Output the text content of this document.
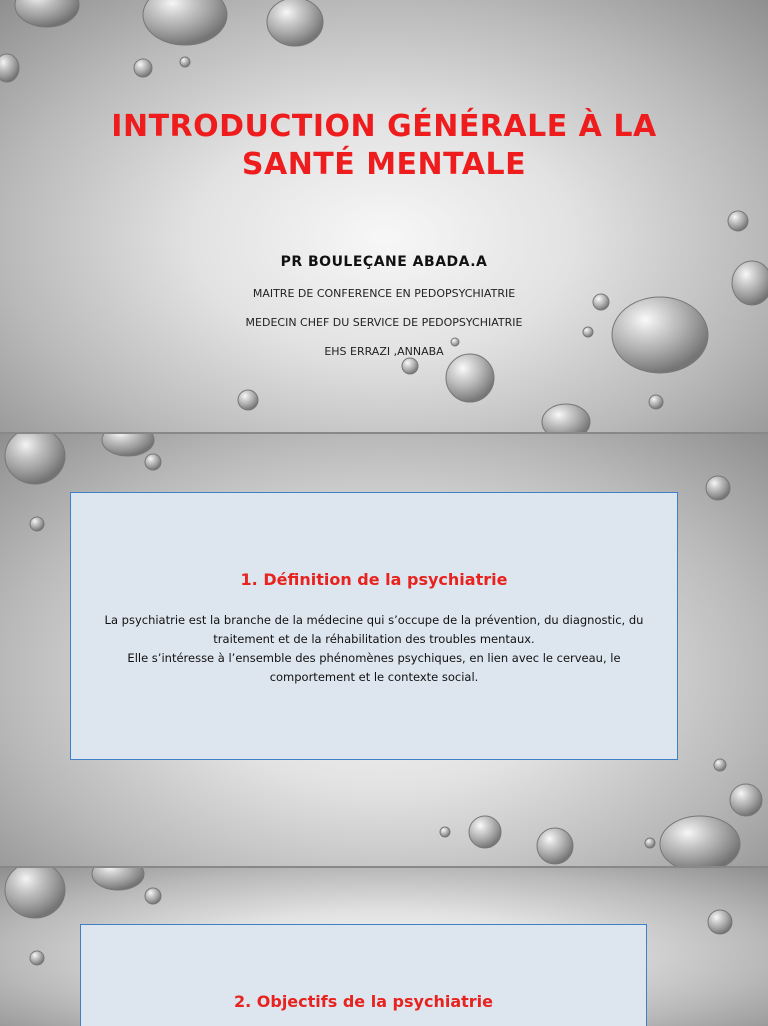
INTRODUCTION GÉNÉRALE À LA
SANTÉ MENTALE

PR BOULEÇANE ABADA.A

MAITRE DE CONFERENCE EN PEDOPSYCHIATRIE

MEDECIN CHEF DU SERVICE DE PEDOPSYCHIATRIE

EHS ERRAZI ,ANNABA

1. Définition de la psychiatrie

La psychiatrie est la branche de la médecine qui s’occupe de la prévention, du diagnostic, du
traitement et de la réhabilitation des troubles mentaux.
Elle s’intéresse à l’ensemble des phénomènes psychiques, en lien avec le cerveau, le
comportement et le contexte social.

2. Objectifs de la psychiatrie
